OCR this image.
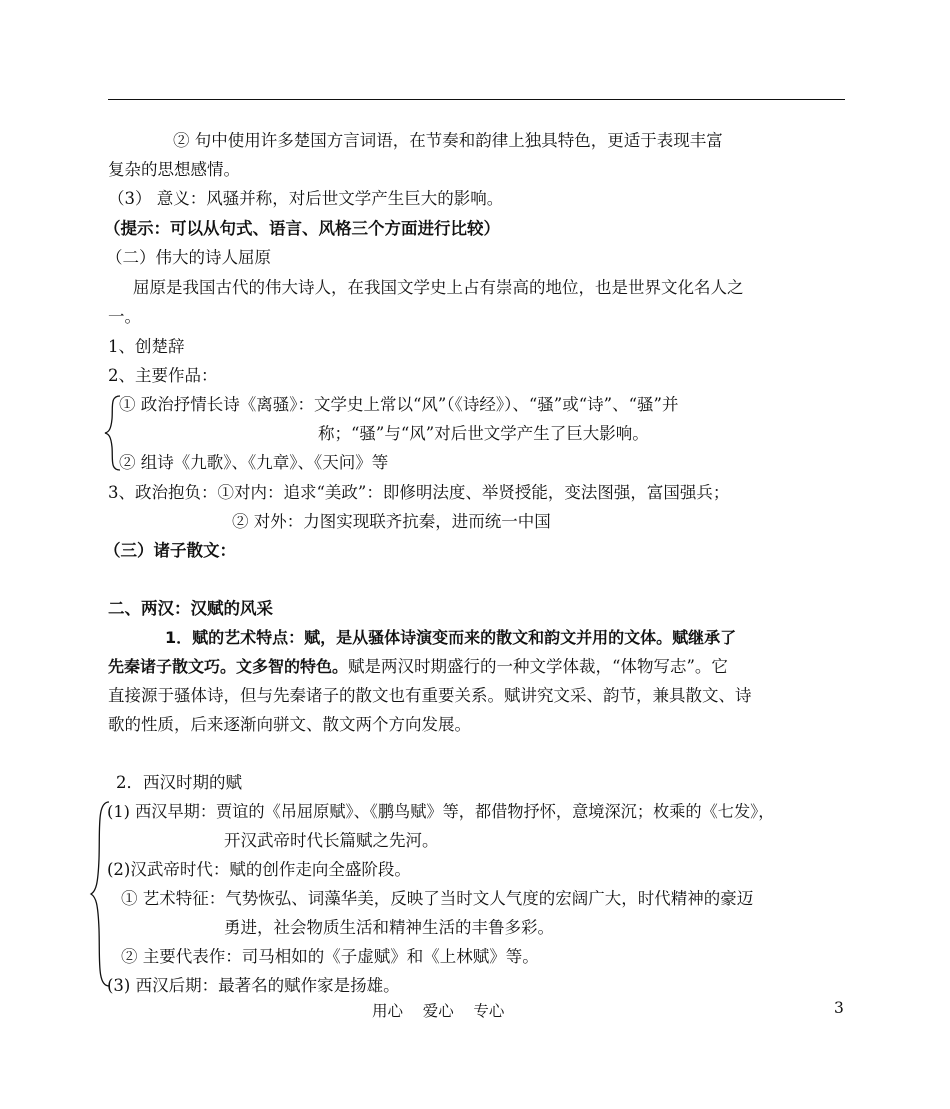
② 句中使用许多楚国方言词语，在节奏和韵律上独具特色，更适于表现丰富
复杂的思想感情。
（3） 意义：风骚并称，对后世文学产生巨大的影响。
（提示：可以从句式、语言、风格三个方面进行比较）
（二）伟大的诗人屈原
屈原是我国古代的伟大诗人，在我国文学史上占有崇高的地位，也是世界文化名人之
一。
1、创楚辞
2、主要作品：
① 政治抒情长诗《离骚》：文学史上常以“风”（《诗经》）、“骚”或“诗”、“骚”并
称；“骚”与“风”对后世文学产生了巨大影响。
② 组诗《九歌》、《九章》、《天问》等
3、政治抱负：①对内：追求“美政”：即修明法度、举贤授能，变法图强，富国强兵；
② 对外：力图实现联齐抗秦，进而统一中国
（三）诸子散文：
二、两汉：汉赋的风采
1．赋的艺术特点：赋，是从骚体诗演变而来的散文和韵文并用的文体。赋继承了
先秦诸子散文巧。文多智的特色。赋是两汉时期盛行的一种文学体裁，“体物写志”。它
直接源于骚体诗，但与先秦诸子的散文也有重要关系。赋讲究文采、韵节，兼具散文、诗
歌的性质，后来逐渐向骈文、散文两个方向发展。
2．西汉时期的赋
(1) 西汉早期：贾谊的《吊屈原赋》、《鹏鸟赋》等，都借物抒怀，意境深沉；枚乘的《七发》，
开汉武帝时代长篇赋之先河。
(2)汉武帝时代：赋的创作走向全盛阶段。
① 艺术特征：气势恢弘、词藻华美，反映了当时文人气度的宏阔广大，时代精神的豪迈
勇进，社会物质生活和精神生活的丰鲁多彩。
② 主要代表作：司马相如的《子虚赋》和《上林赋》等。
(3) 西汉后期：最著名的赋作家是扬雄。
用心    爱心    专心	3
